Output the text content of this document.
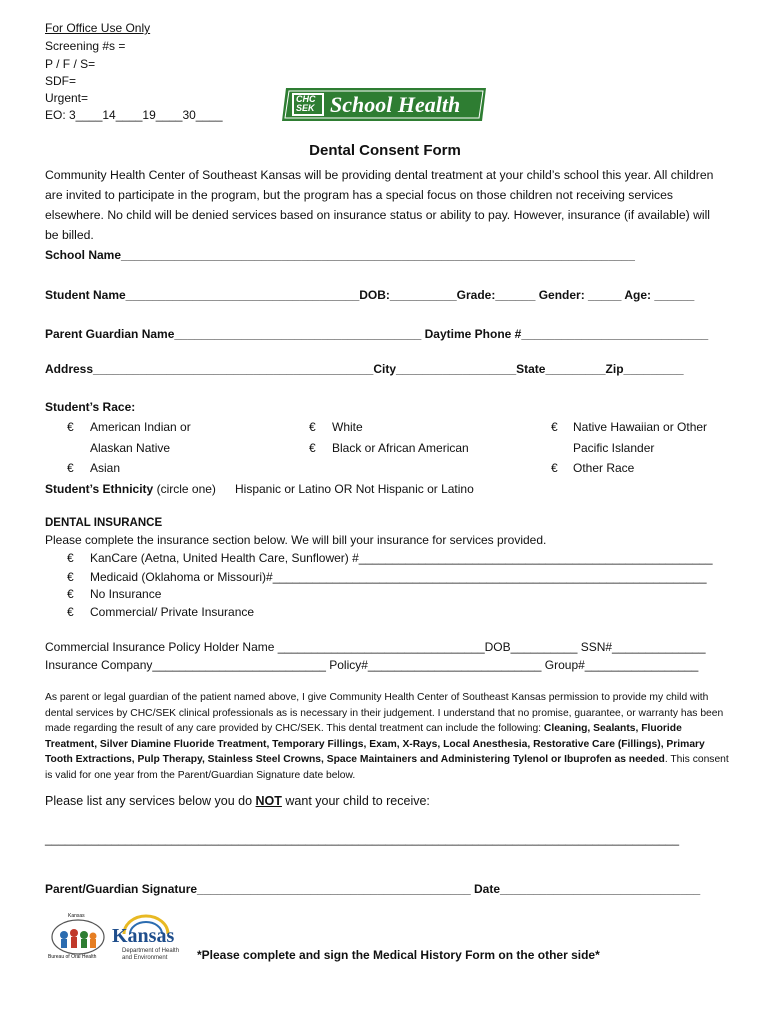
For Office Use Only
Screening #s =
P / F / S=
SDF=
Urgent=
EO: 3____14____19____30____
CHC
SEK School Health
Dental Consent Form
Community Health Center of Southeast Kansas will be providing dental treatment at your child’s school this year. All children are invited to participate in the program, but the program has a special focus on those children not receiving services elsewhere. No child will be denied services based on insurance status or ability to pay. However, insurance (if available) will be billed.
School Name_____________________________________________________________________________
Student Name___________________________________DOB:__________Grade:______ Gender: _____ Age: ______
Parent Guardian Name_____________________________________ Daytime Phone #____________________________
Address__________________________________________City__________________State_________Zip_________
Student’s Race:
€ American Indian or
Alaskan Native
€ Asian
€ White
€ Black or African American
€ Native Hawaiian or Other
Pacific Islander
€ Other Race
Student’s Ethnicity (circle one) Hispanic or Latino OR Not Hispanic or Latino
DENTAL INSURANCE
Please complete the insurance section below. We will bill your insurance for services provided.
€ KanCare (Aetna, United Health Care, Sunflower) #_____________________________________________________
€ Medicaid (Oklahoma or Missouri)#_________________________________________________________________
€ No Insurance
€ Commercial/ Private Insurance
Commercial Insurance Policy Holder Name _______________________________DOB__________ SSN#______________
Insurance Company__________________________ Policy#__________________________ Group#_________________
As parent or legal guardian of the patient named above, I give Community Health Center of Southeast Kansas permission to provide my child with dental services by CHC/SEK clinical professionals as is necessary in their judgement. I understand that no promise, guarantee, or warranty has been made regarding the result of any care provided by CHC/SEK. This dental treatment can include the following: Cleaning, Sealants, Fluoride Treatment, Silver Diamine Fluoride Treatment, Temporary Fillings, Exam, X-Rays, Local Anesthesia, Restorative Care (Fillings), Primary Tooth Extractions, Pulp Therapy, Stainless Steel Crowns, Space Maintainers and Administering Tylenol or Ibuprofen as needed. This consent is valid for one year from the Parent/Guardian Signature date below.
Please list any services below you do NOT want your child to receive:
_______________________________________________________________________________________________
Parent/Guardian Signature_________________________________________ Date______________________________
Kansas
Bureau of Oral Health
Kansas
Department of Health
and Environment *Please complete and sign the Medical History Form on the other side*
